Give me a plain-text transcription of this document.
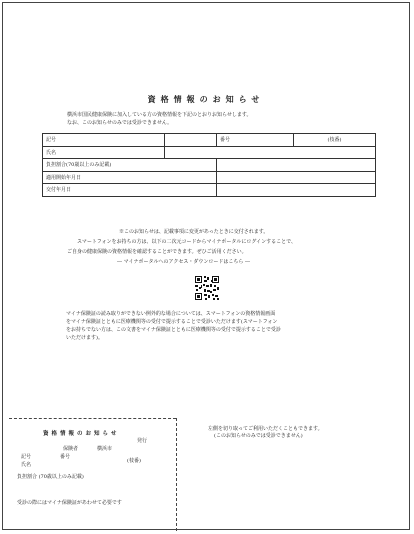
資格情報のお知らせ
横浜市国民健康保険に加入している方の資格情報を下記のとおりお知らせします。
なお、このお知らせのみでは受診できません。
記号		番号	(枝番)
氏名			
負担割合(70歳以上のみ記載)			
適用開始年月日			
交付年月日			
※このお知らせは、記載事項に変更があったときに交付されます。
スマートフォンをお持ちの方は、以下の二次元コードからマイナポータルにログインすることで、
ご自身の健康保険の資格情報を確認することができます。ぜひご活用ください。
― マイナポータルへのアクセス・ダウンロードはこちら ―
マイナ保険証の読み取りができない例外的な場合については、スマートフォンの資格情報画面
をマイナ保険証とともに医療機関等の受付で提示することで受診いただけます(スマートフォン
をお持ちでない方は、この文書をマイナ保険証とともに医療機関等の受付で提示することで受診
いただけます)。
左側を切り取ってご利用いただくこともできます。
(このお知らせのみでは受診できません)
資格情報のお知らせ
発行
保険者	横浜市
記号	番号
(枝番)
氏名
負担割合 (70歳以上のみ記載)
受診の際にはマイナ保険証があわせて必要です
